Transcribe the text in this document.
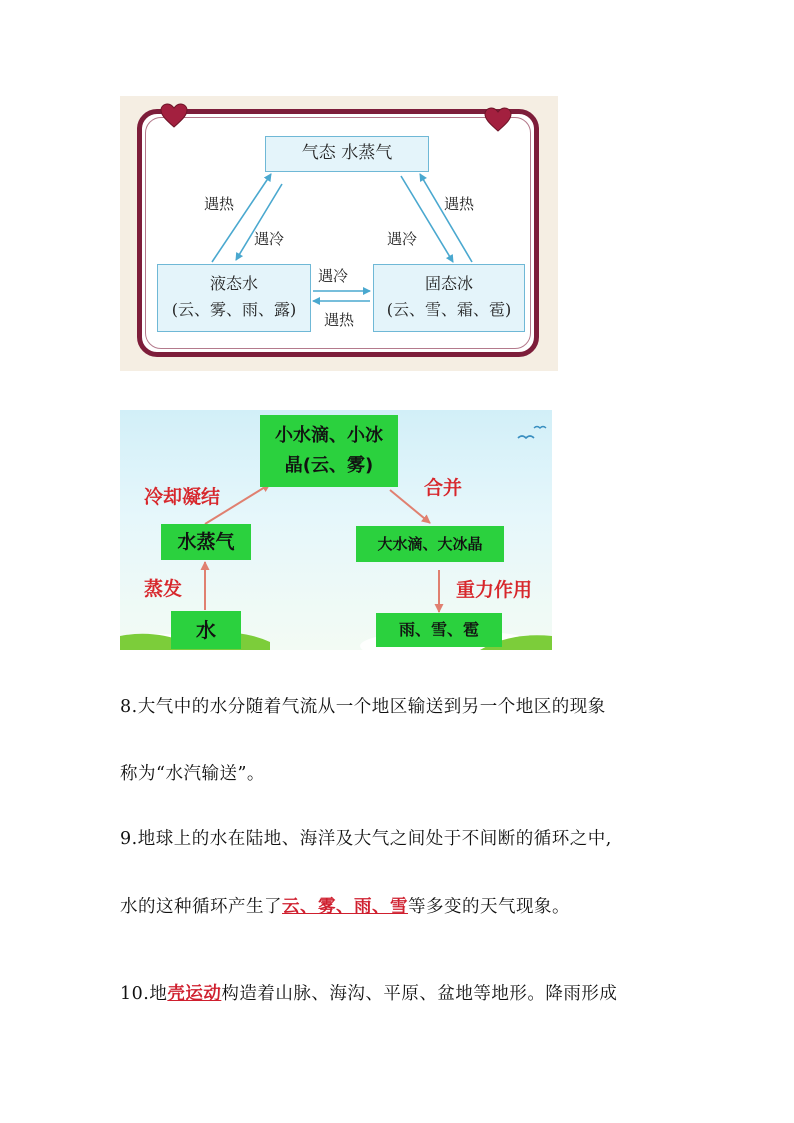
气态 水蒸气
液态水
(云、雾、雨、露)
固态冰
(云、雪、霜、雹)
遇热
遇冷	遇冷
遇热
遇冷
遇热
小水滴、小冰
晶(云、雾)
水蒸气
水
大水滴、大冰晶
雨、雪、雹
冷却凝结	合并
蒸发	重力作用
8.大气中的水分随着气流从一个地区输送到另一个地区的现象
称为“水汽输送”。
9.地球上的水在陆地、海洋及大气之间处于不间断的循环之中,
水的这种循环产生了云、雾、雨、雪等多变的天气现象。
10.地壳运动构造着山脉、海沟、平原、盆地等地形。降雨形成
